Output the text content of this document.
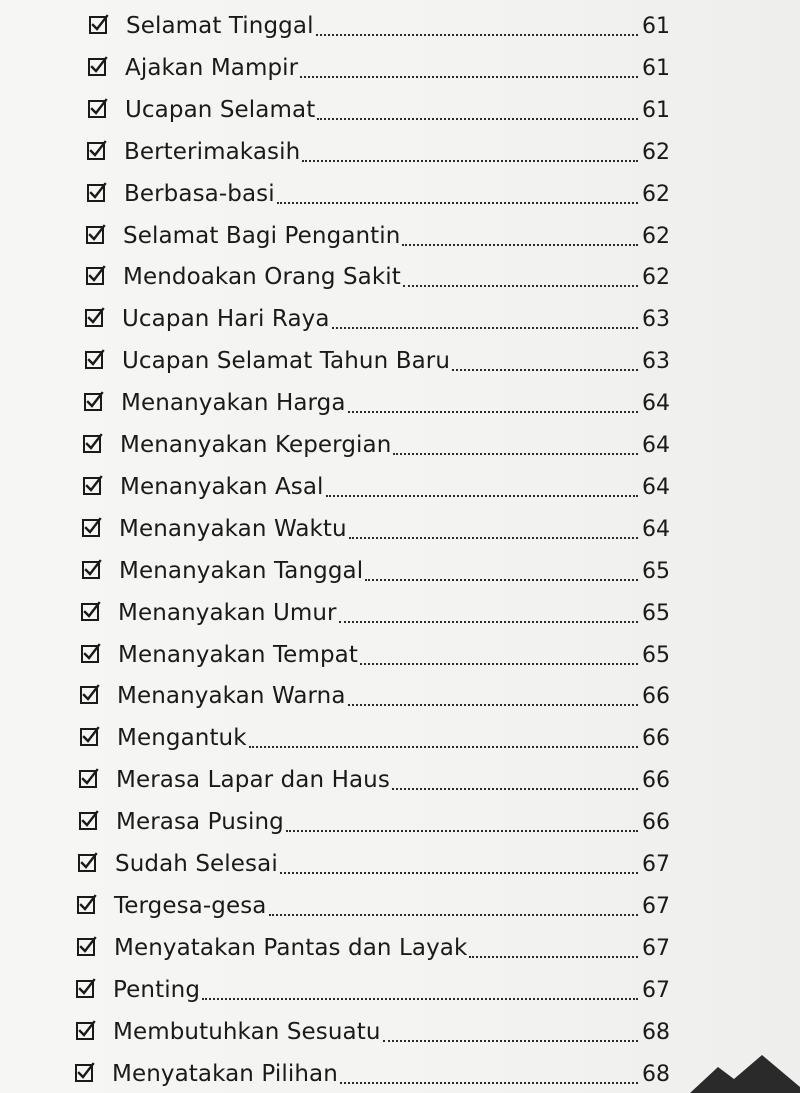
Selamat Tinggal	61
Ajakan Mampir	61
Ucapan Selamat	61
Berterimakasih	62
Berbasa-basi	62
Selamat Bagi Pengantin	62
Mendoakan Orang Sakit	62
Ucapan Hari Raya	63
Ucapan Selamat Tahun Baru	63
Menanyakan Harga	64
Menanyakan Kepergian	64
Menanyakan Asal	64
Menanyakan Waktu	64
Menanyakan Tanggal	65
Menanyakan Umur	65
Menanyakan Tempat	65
Menanyakan Warna	66
Mengantuk	66
Merasa Lapar dan Haus	66
Merasa Pusing	66
Sudah Selesai	67
Tergesa-gesa	67
Menyatakan Pantas dan Layak	67
Penting	67
Membutuhkan Sesuatu	68
Menyatakan Pilihan	68
